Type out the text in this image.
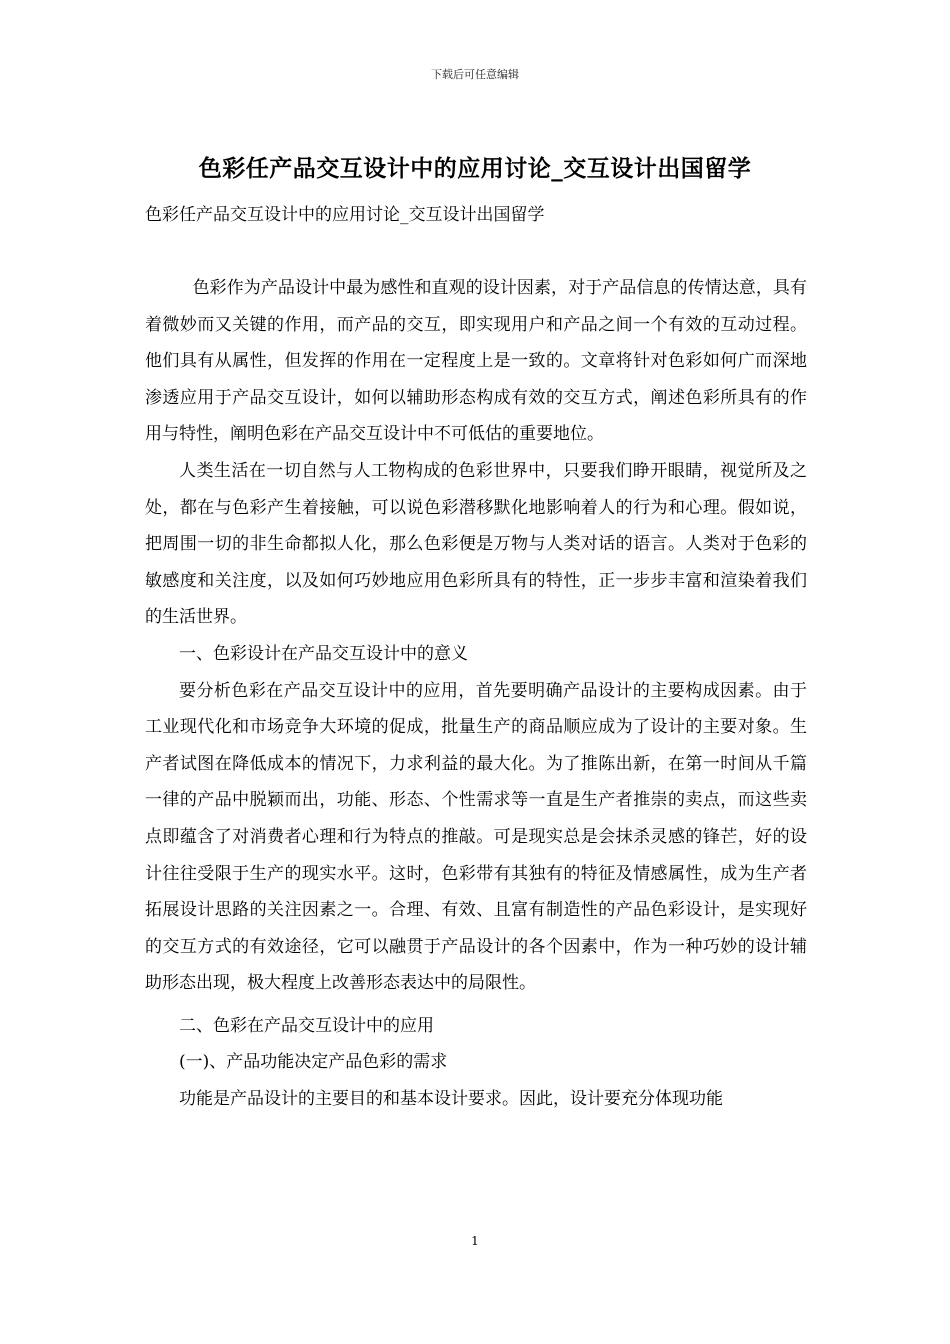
下载后可任意编辑
色彩任产品交互设计中的应用讨论_交互设计出国留学

色彩任产品交互设计中的应用讨论_交互设计出国留学

色彩作为产品设计中最为感性和直观的设计因素，对于产品信息的传情达意，具有着微妙而又关键的作用，而产品的交互，即实现用户和产品之间一个有效的互动过程。他们具有从属性，但发挥的作用在一定程度上是一致的。文章将针对色彩如何广而深地渗透应用于产品交互设计，如何以辅助形态构成有效的交互方式，阐述色彩所具有的作用与特性，阐明色彩在产品交互设计中不可低估的重要地位。

人类生活在一切自然与人工物构成的色彩世界中，只要我们睁开眼睛，视觉所及之处，都在与色彩产生着接触，可以说色彩潜移默化地影响着人的行为和心理。假如说，把周围一切的非生命都拟人化，那么色彩便是万物与人类对话的语言。人类对于色彩的敏感度和关注度，以及如何巧妙地应用色彩所具有的特性，正一步步丰富和渲染着我们的生活世界。

一、色彩设计在产品交互设计中的意义

要分析色彩在产品交互设计中的应用，首先要明确产品设计的主要构成因素。由于工业现代化和市场竞争大环境的促成，批量生产的商品顺应成为了设计的主要对象。生产者试图在降低成本的情况下，力求利益的最大化。为了推陈出新，在第一时间从千篇一律的产品中脱颖而出，功能、形态、个性需求等一直是生产者推崇的卖点，而这些卖点即蕴含了对消费者心理和行为特点的推敲。可是现实总是会抹杀灵感的锋芒，好的设计往往受限于生产的现实水平。这时，色彩带有其独有的特征及情感属性，成为生产者拓展设计思路的关注因素之一。合理、有效、且富有制造性的产品色彩设计，是实现好的交互方式的有效途径，它可以融贯于产品设计的各个因素中，作为一种巧妙的设计辅助形态出现，极大程度上改善形态表达中的局限性。

二、色彩在产品交互设计中的应用

(一)、产品功能决定产品色彩的需求

功能是产品设计的主要目的和基本设计要求。因此，设计要充分体现功能

1
